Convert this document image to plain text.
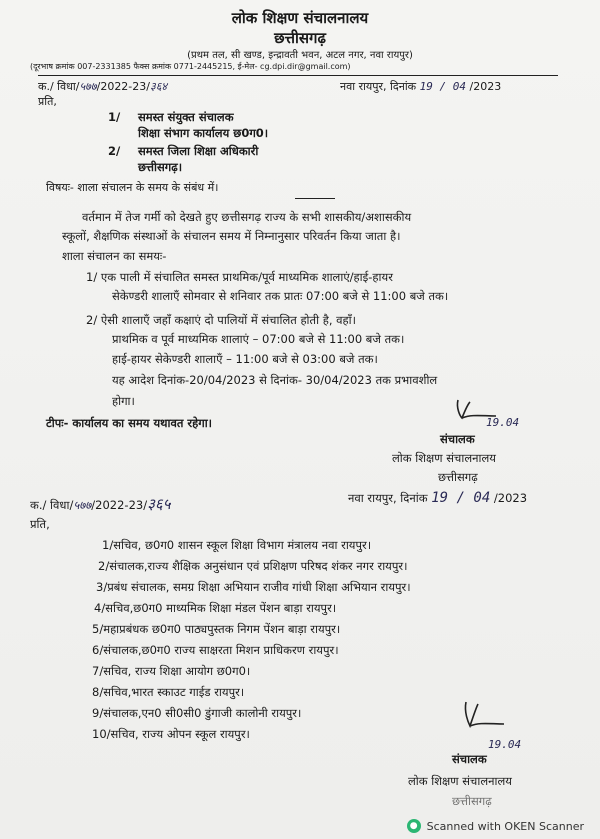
लोक शिक्षण संचालनालय
छत्तीसगढ़
(प्रथम तल, सी खण्ड, इन्द्रावती भवन, अटल नगर, नवा रायपुर)
(दूरभाष क्रमांक 007-2331385 फैक्स क्रमांक 0771-2445215, ई-मेल- cg.dpi.dir@gmail.com)
क./ विधा/५७७/2022-23/३६४	नवा रायपुर, दिनांक 19 / 04 /2023
प्रति,
1/ समस्त संयुक्त संचालक
शिक्षा संभाग कार्यालय छ0ग0।
2/ समस्त जिला शिक्षा अधिकारी
छत्तीसगढ़।
विषयः- शाला संचालन के समय के संबंध में।
वर्तमान में तेज गर्मी को देखते हुए छत्तीसगढ़ राज्य के सभी शासकीय/अशासकीय
स्कूलों, शैक्षणिक संस्थाओं के संचालन समय में निम्नानुसार परिवर्तन किया जाता है।
शाला संचालन का समयः-
1/ एक पाली में संचालित समस्त प्राथमिक/पूर्व माध्यमिक शालाएं/हाई-हायर
सेकेण्डरी शालाएँ सोमवार से शनिवार तक प्रातः 07:00 बजे से 11:00 बजे तक।
2/ ऐसी शालाएँ जहाँ कक्षाएं दो पालियों में संचालित होती है, वहाँ।
प्राथमिक व पूर्व माध्यमिक शालाएं – 07:00 बजे से 11:00 बजे तक।
हाई-हायर सेकेण्डरी शालाएँ – 11:00 बजे से 03:00 बजे तक।
यह आदेश दिनांक-20/04/2023 से दिनांक- 30/04/2023 तक प्रभावशील
होगा।
टीपः- कार्यालय का समय यथावत रहेगा।	19.04
संचालक
लोक शिक्षण संचालनालय
छत्तीसगढ़
क./ विधा/५७७/2022-23/३६५	नवा रायपुर, दिनांक 19 / 04 /2023
प्रति,
1/सचिव, छ0ग0 शासन स्कूल शिक्षा विभाग मंत्रालय नवा रायपुर।
2/संचालक,राज्य शैक्षिक अनुसंधान एवं प्रशिक्षण परिषद शंकर नगर रायपुर।
3/प्रबंध संचालक, समग्र शिक्षा अभियान राजीव गांधी शिक्षा अभियान रायपुर।
4/सचिव,छ0ग0 माध्यमिक शिक्षा मंडल पेंशन बाड़ा रायपुर।
5/महाप्रबंधक छ0ग0 पाठ्यपुस्तक निगम पेंशन बाड़ा रायपुर।
6/संचालक,छ0ग0 राज्य साक्षरता मिशन प्राधिकरण रायपुर।
7/सचिव, राज्य शिक्षा आयोग छ0ग0।
8/सचिव,भारत स्काउट गाईड रायपुर।
9/संचालक,एन0 सी0सी0 डुंगाजी कालोनी रायपुर।
10/सचिव, राज्य ओपन स्कूल रायपुर।
19.04
संचालक
लोक शिक्षण संचालनालय
छत्तीसगढ़
● Scanned with OKEN Scanner
